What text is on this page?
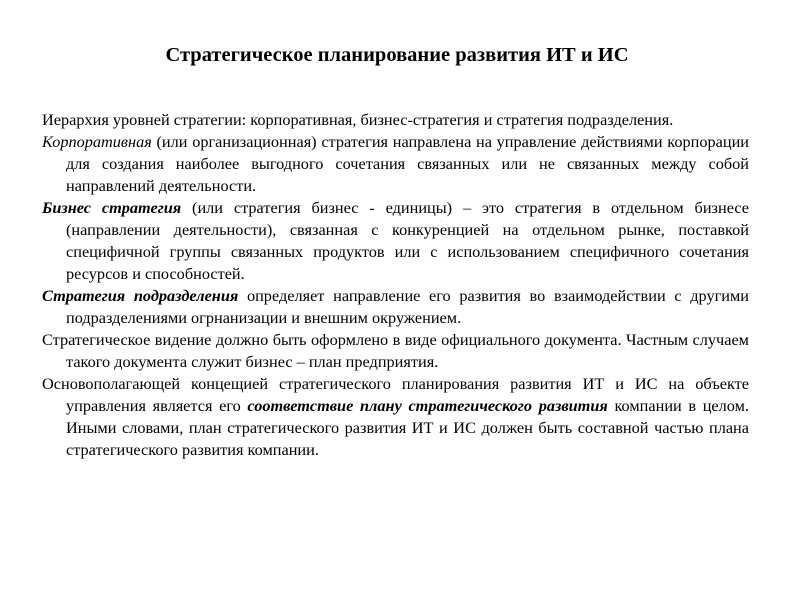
Стратегическое планирование развития ИТ и ИС

Иерархия уровней стратегии: корпоративная, бизнес-стратегия и стратегия подразделения.

Корпоративная (или организационная) стратегия направлена на управление действиями корпорации для создания наиболее выгодного сочетания связанных или не связанных между собой направлений деятельности.

Бизнес стратегия (или стратегия бизнес - единицы) – это стратегия в отдельном бизнесе (направлении деятельности), связанная с конкуренцией на отдельном рынке, поставкой специфичной группы связанных продуктов или с использованием специфичного сочетания ресурсов и способностей.

Стратегия подразделения определяет направление его развития во взаимодействии с другими подразделениями огрнанизации и внешним окружением.

Стратегическое видение должно быть оформлено в виде официального документа. Частным случаем такого документа служит бизнес – план предприятия.

Основополагающей концещией стратегического планирования развития ИТ и ИС на объекте управления является его соответствие плану стратегического развития компании в целом. Иными словами, план стратегического развития ИТ и ИС должен быть составной частью плана стратегического развития компании.
